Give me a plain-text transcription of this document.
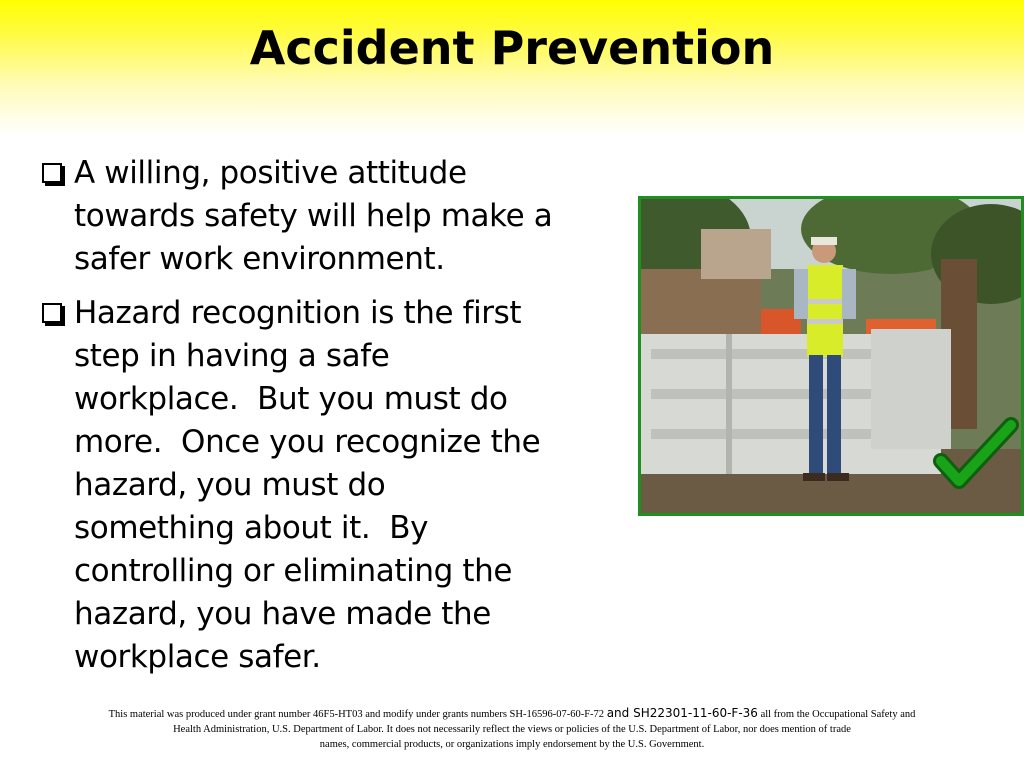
Accident Prevention
A willing, positive attitude
towards safety will help make a
safer work environment.
Hazard recognition is the first
step in having a safe
workplace.  But you must do
more.  Once you recognize the
hazard, you must do
something about it.  By
controlling or eliminating the
hazard, you have made the
workplace safer.
This material was produced under grant number 46F5-HT03 and modify under grants numbers SH-16596-07-60-F-72 and SH22301-11-60-F-36 all from the Occupational Safety and
Health Administration, U.S. Department of Labor. It does not necessarily reflect the views or policies of the U.S. Department of Labor, nor does mention of trade
names, commercial products, or organizations imply endorsement by the U.S. Government.
